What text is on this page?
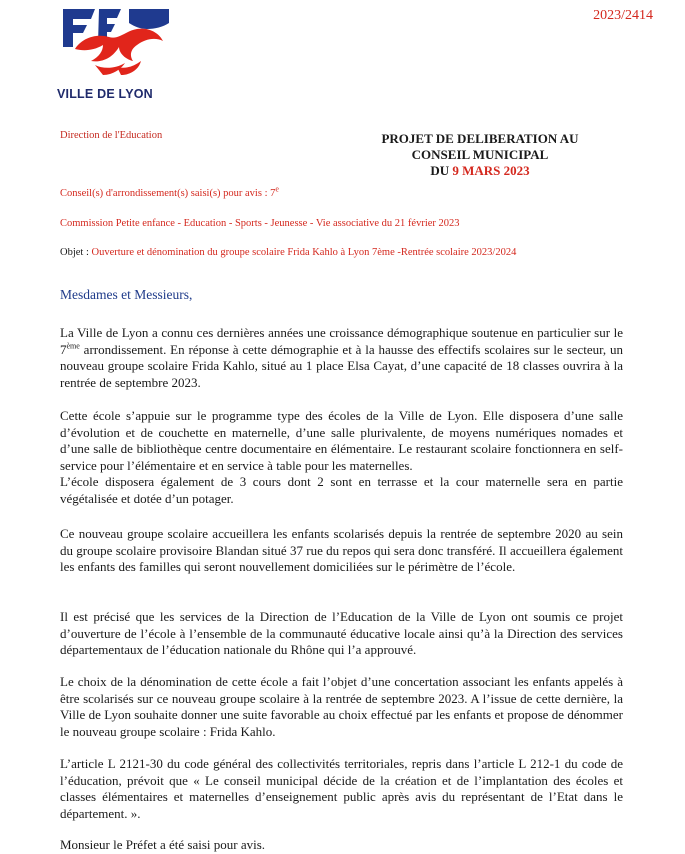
VILLE DE LYON
2023/2414
Direction de l'Education	PROJET DE DELIBERATION AU
CONSEIL MUNICIPAL
DU 9 MARS 2023
Conseil(s) d'arrondissement(s) saisi(s) pour avis : 7e
Commission Petite enfance - Education - Sports - Jeunesse - Vie associative du 21 février 2023
Objet : Ouverture et dénomination du groupe scolaire Frida Kahlo à Lyon 7ème -Rentrée scolaire 2023/2024
Mesdames et Messieurs,

La Ville de Lyon a connu ces dernières années une croissance démographique soutenue en particulier sur le 7ème arrondissement. En réponse à cette démographie et à la hausse des effectifs scolaires sur le secteur, un nouveau groupe scolaire Frida Kahlo, situé au 1 place Elsa Cayat, d’une capacité de 18 classes ouvrira à la rentrée de septembre 2023.

Cette école s’appuie sur le programme type des écoles de la Ville de Lyon. Elle disposera d’une salle d’évolution et de couchette en maternelle, d’une salle plurivalente, de moyens numériques nomades et d’une salle de bibliothèque centre documentaire en élémentaire. Le restaurant scolaire fonctionnera en self-service pour l’élémentaire et en service à table pour les maternelles.

L’école disposera également de 3 cours dont 2 sont en terrasse et la cour maternelle sera en partie végétalisée et dotée d’un potager.

Ce nouveau groupe scolaire accueillera les enfants scolarisés depuis la rentrée de septembre 2020 au sein du groupe scolaire provisoire Blandan situé 37 rue du repos qui sera donc transféré. Il accueillera également les enfants des familles qui seront nouvellement domiciliées sur le périmètre de l’école.
Il est précisé que les services de la Direction de l’Education de la Ville de Lyon ont soumis ce projet d’ouverture de l’école à l’ensemble de la communauté éducative locale ainsi qu’à la Direction des services départementaux de l’éducation nationale du Rhône qui l’a approuvé.
Le choix de la dénomination de cette école a fait l’objet d’une concertation associant les enfants appelés à être scolarisés sur ce nouveau groupe scolaire à la rentrée de septembre 2023. A l’issue de cette dernière, la Ville de Lyon souhaite donner une suite favorable au choix effectué par les enfants et propose de dénommer le nouveau groupe scolaire : Frida Kahlo.
L’article L 2121-30 du code général des collectivités territoriales, repris dans l’article L 212-1 du code de l’éducation, prévoit que « Le conseil municipal décide de la création et de l’implantation des écoles et classes élémentaires et maternelles d’enseignement public après avis du représentant de l’Etat dans le département. ».
Monsieur le Préfet a été saisi pour avis.
